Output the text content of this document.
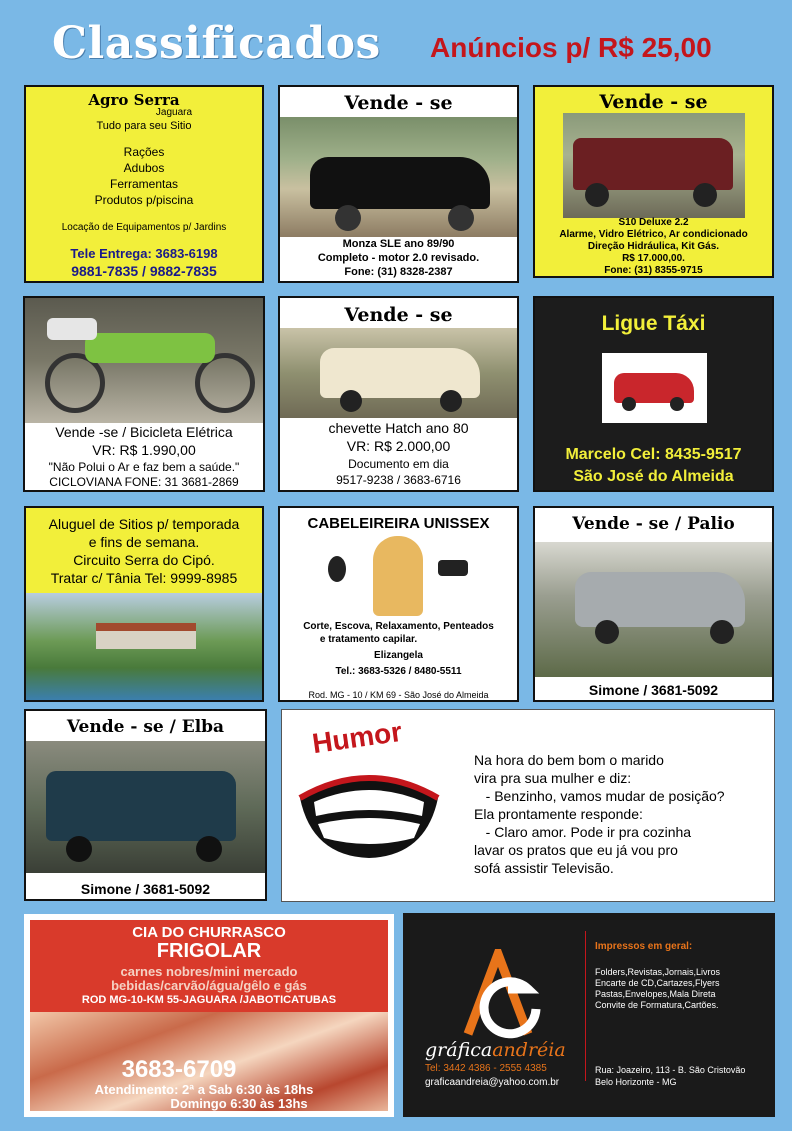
Classificados Anúncios p/ R$ 25,00
Agro Serra
Jaguara
Tudo para seu Sitio
Rações
Adubos
Ferramentas
Produtos p/piscina
Locação de Equipamentos p/ Jardins
Tele Entrega: 3683-6198
9881-7835 / 9882-7835
Vende - se
Monza SLE ano 89/90
Completo - motor 2.0 revisado.
Fone: (31) 8328-2387
Vende - se
S10 Deluxe 2.2
Alarme, Vidro Elétrico, Ar condicionado
Direção Hidráulica, Kit Gás.
R$ 17.000,00.
Fone: (31) 8355-9715
Vende -se / Bicicleta Elétrica
VR: R$ 1.990,00
"Não Polui o Ar e faz bem a saúde."
CICLOVIANA FONE: 31 3681-2869
Vende - se
chevette Hatch ano 80
VR: R$ 2.000,00
Documento em dia
9517-9238 / 3683-6716
Ligue Táxi
Marcelo Cel: 8435-9517
São José do Almeida
Aluguel de Sitios p/ temporada
e fins de semana.
Circuito Serra do Cipó.
Tratar c/ Tânia Tel: 9999-8985
CABELEIREIRA UNISSEX
Corte, Escova, Relaxamento, Penteados
e tratamento capilar.
Elizangela
Tel.: 3683-5326 / 8480-5511
Rod. MG - 10 / KM 69 - São José do Almeida
Vende - se / Palio
Simone / 3681-5092
Vende - se / Elba
Simone / 3681-5092
Humor
Na hora do bem bom o marido
vira pra sua mulher e diz:
- Benzinho, vamos mudar de posição?
Ela prontamente responde:
- Claro amor. Pode ir pra cozinha
lavar os pratos que eu já vou pro
sofá assistir Televisão.
CIA DO CHURRASCO
FRIGOLAR
carnes nobres/mini mercado
bebidas/carvão/água/gêlo e gás
ROD MG-10-KM 55-JAGUARA /JABOTICATUBAS
3683-6709
Atendimento: 2ª a Sab 6:30 às 18hs
Domingo 6:30 às 13hs
gráficaandréia
Tel: 3442 4386 - 2555 4385
graficaandreia@yahoo.com.br
Impressos em geral:
Folders,Revistas,Jornais,Livros
Encarte de CD,Cartazes,Flyers
Pastas,Envelopes,Mala Direta
Convite de Formatura,Cartões.
Rua: Joazeiro, 113 - B. São Cristovão
Belo Horizonte - MG
